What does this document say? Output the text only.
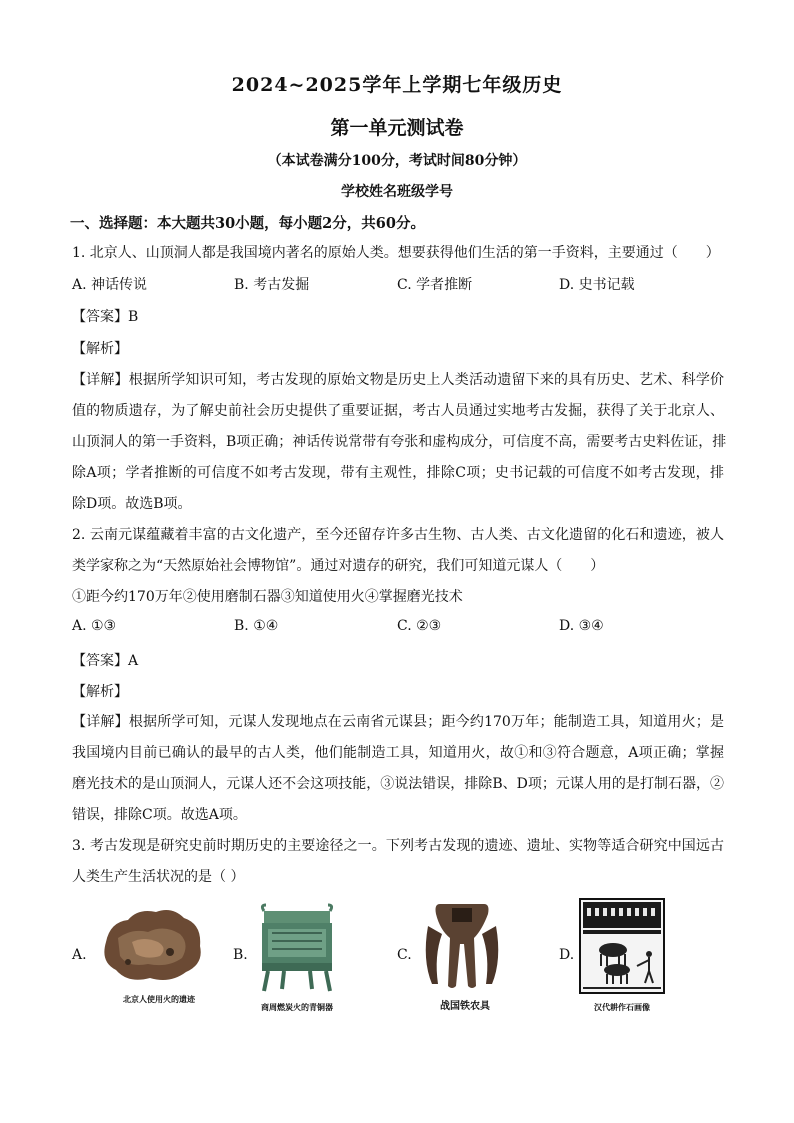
2024~2025学年上学期七年级历史
第一单元测试卷
（本试卷满分100分，考试时间80分钟）
学校姓名班级学号
一、选择题：本大题共30小题，每小题2分，共60分。
1. 北京人、山顶洞人都是我国境内著名的原始人类。想要获得他们生活的第一手资料，主要通过（　　）
A. 神话传说	B. 考古发掘	C. 学者推断	D. 史书记载
【答案】B
【解析】
【详解】根据所学知识可知，考古发现的原始文物是历史上人类活动遗留下来的具有历史、艺术、科学价
值的物质遗存，为了解史前社会历史提供了重要证据，考古人员通过实地考古发掘，获得了关于北京人、
山顶洞人的第一手资料，B项正确；神话传说常带有夸张和虚构成分，可信度不高，需要考古史料佐证，排
除A项；学者推断的可信度不如考古发现，带有主观性，排除C项；史书记载的可信度不如考古发现，排
除D项。故选B项。
2. 云南元谋蕴藏着丰富的古文化遗产，至今还留存许多古生物、古人类、古文化遗留的化石和遗迹，被人
类学家称之为“天然原始社会博物馆”。通过对遗存的研究，我们可知道元谋人（　　）
①距今约170万年②使用磨制石器③知道使用火④掌握磨光技术
A. ①③	B. ①④	C. ②③	D. ③④
【答案】A
【解析】
【详解】根据所学可知，元谋人发现地点在云南省元谋县；距今约170万年；能制造工具，知道用火；是
我国境内目前已确认的最早的古人类，他们能制造工具，知道用火，故①和③符合题意，A项正确；掌握
磨光技术的是山顶洞人，元谋人还不会这项技能，③说法错误，排除B、D项；元谋人用的是打制石器，②
错误，排除C项。故选A项。
3. 考古发现是研究史前时期历史的主要途径之一。下列考古发现的遗迹、遗址、实物等适合研究中国远古
人类生产生活状况的是（ ）
A.
北京人使用火的遗迹
B.
商周燃炭火的青铜器
C.
战国铁农具
D.
汉代耕作石画像
